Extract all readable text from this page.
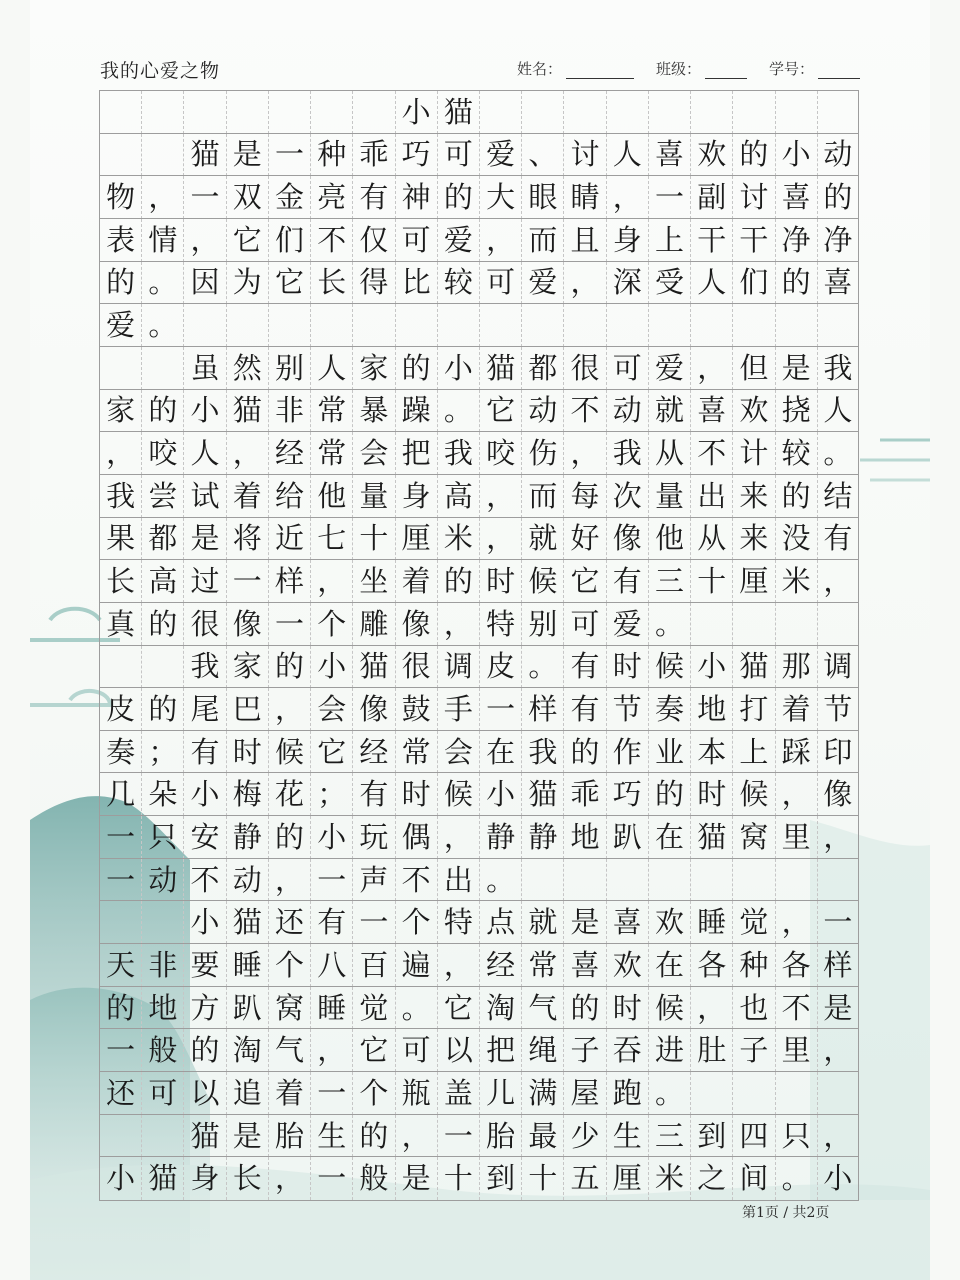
我的心爱之物	姓名：	班级：	学号：
小 猫
猫 是 一 种 乖 巧 可 爱 、 讨 人 喜 欢 的 小 动
物 ， 一 双 金 亮 有 神 的 大 眼 睛 ， 一 副 讨 喜 的
表 情 ， 它 们 不 仅 可 爱 ， 而 且 身 上 干 干 净 净
的 。 因 为 它 长 得 比 较 可 爱 ， 深 受 人 们 的 喜
爱 。
虽 然 别 人 家 的 小 猫 都 很 可 爱 ， 但 是 我
家 的 小 猫 非 常 暴 躁 。 它 动 不 动 就 喜 欢 挠 人
， 咬 人 ， 经 常 会 把 我 咬 伤 ， 我 从 不 计 较 。
我 尝 试 着 给 他 量 身 高 ， 而 每 次 量 出 来 的 结
果 都 是 将 近 七 十 厘 米 ， 就 好 像 他 从 来 没 有
长 高 过 一 样 ， 坐 着 的 时 候 它 有 三 十 厘 米 ，
真 的 很 像 一 个 雕 像 ， 特 别 可 爱 。
我 家 的 小 猫 很 调 皮 。 有 时 候 小 猫 那 调
皮 的 尾 巴 ， 会 像 鼓 手 一 样 有 节 奏 地 打 着 节
奏 ； 有 时 候 它 经 常 会 在 我 的 作 业 本 上 踩 印
几 朵 小 梅 花 ； 有 时 候 小 猫 乖 巧 的 时 候 ， 像
一 只 安 静 的 小 玩 偶 ， 静 静 地 趴 在 猫 窝 里 ，
一 动 不 动 ， 一 声 不 出 。
小 猫 还 有 一 个 特 点 就 是 喜 欢 睡 觉 ， 一
天 非 要 睡 个 八 百 遍 ， 经 常 喜 欢 在 各 种 各 样
的 地 方 趴 窝 睡 觉 。 它 淘 气 的 时 候 ， 也 不 是
一 般 的 淘 气 ， 它 可 以 把 绳 子 吞 进 肚 子 里 ，
还 可 以 追 着 一 个 瓶 盖 儿 满 屋 跑 。
猫 是 胎 生 的 ， 一 胎 最 少 生 三 到 四 只 ，
小 猫 身 长 ， 一 般 是 十 到 十 五 厘 米 之 间 。 小
第1页 / 共2页
